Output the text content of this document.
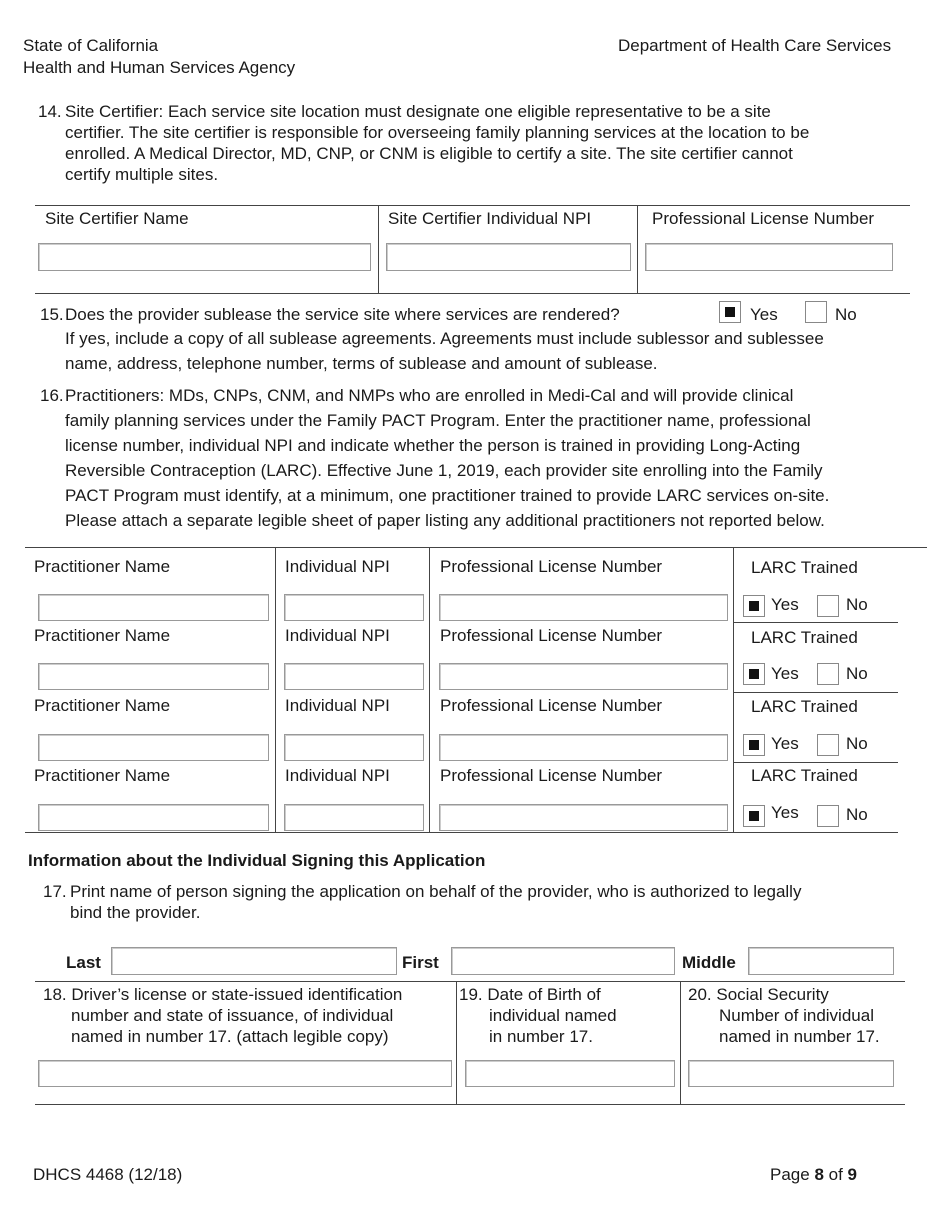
State of California
Health and Human Services Agency
Department of Health Care Services
14. Site Certifier: Each service site location must designate one eligible representative to be a site

certifier. The site certifier is responsible for overseeing family planning services at the location to be

enrolled. A Medical Director, MD, CNP, or CNM is eligible to certify a site. The site certifier cannot

certify multiple sites.

Site Certifier Name	Site Certifier Individual NPI	Professional License Number
15. Does the provider sublease the service site where services are rendered?	Yes	No

If yes, include a copy of all sublease agreements. Agreements must include sublessor and sublessee

name, address, telephone number, terms of sublease and amount of sublease.

16. Practitioners: MDs, CNPs, CNM, and NMPs who are enrolled in Medi-Cal and will provide clinical

family planning services under the Family PACT Program. Enter the practitioner name, professional

license number, individual NPI and indicate whether the person is trained in providing Long-Acting

Reversible Contraception (LARC). Effective June 1, 2019, each provider site enrolling into the Family

PACT Program must identify, at a minimum, one practitioner trained to provide LARC services on-site.

Please attach a separate legible sheet of paper listing any additional practitioners not reported below.

Practitioner Name	Individual NPI	Professional License Number	LARC Trained
Yes	No
Practitioner Name	Individual NPI	Professional License Number	LARC Trained
Yes	No
Practitioner Name	Individual NPI	Professional License Number	LARC Trained
Yes	No
Practitioner Name	Individual NPI	Professional License Number	LARC Trained
Yes	No
Information about the Individual Signing this Application
17. Print name of person signing the application on behalf of the provider, who is authorized to legally

bind the provider.

Last	First	Middle
18. Driver’s license or state-issued identification
number and state of issuance, of individual
named in number 17. (attach legible copy)
19. Date of Birth of
individual named
in number 17.
20. Social Security
Number of individual
named in number 17.
DHCS 4468 (12/18)	Page 8 of 9
